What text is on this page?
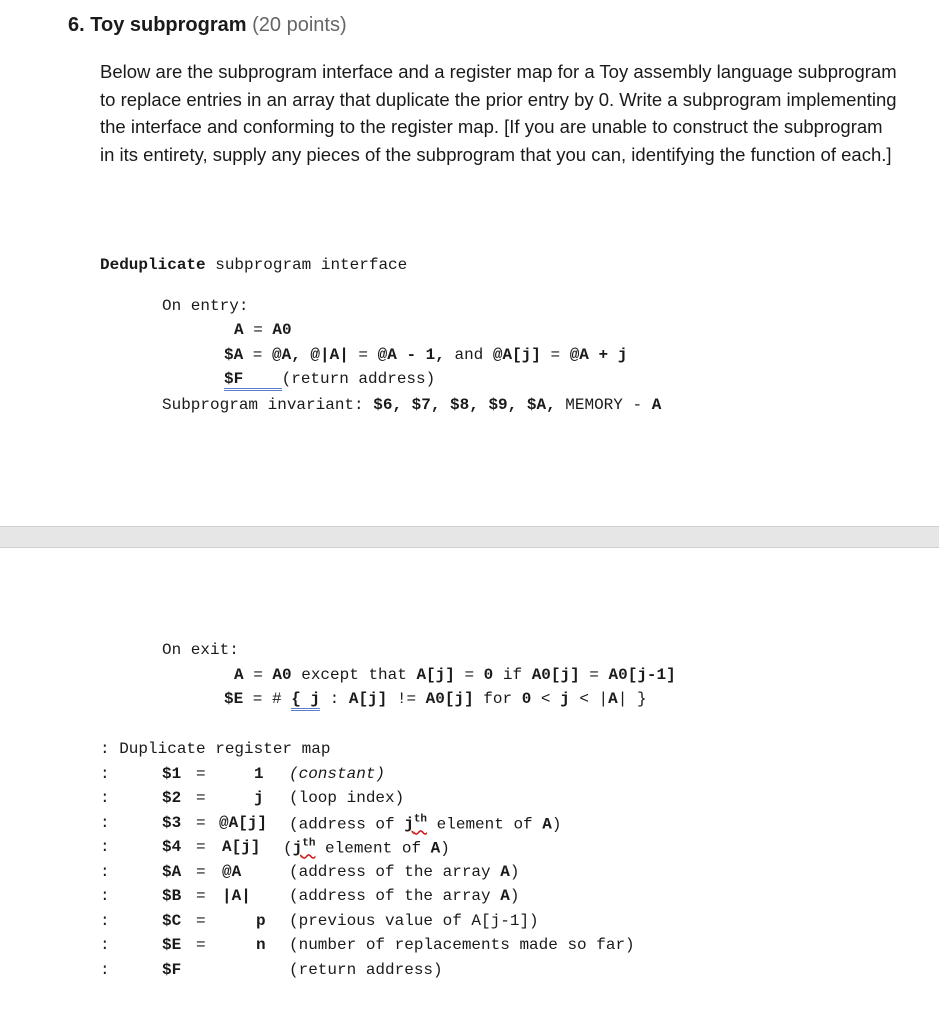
6. Toy subprogram (20 points)
Below are the subprogram interface and a register map for a Toy assembly language subprogram to replace entries in an array that duplicate the prior entry by 0. Write a subprogram implementing the interface and conforming to the register map. [If you are unable to construct the subprogram in its entirety, supply any pieces of the subprogram that you can, identifying the function of each.]
Deduplicate subprogram interface
On entry:
A = A0
$A = @A, @|A| = @A - 1, and @A[j] = @A + j
$F (return address)
Subprogram invariant: $6, $7, $8, $9, $A, MEMORY - A
On exit:
A = A0 except that A[j] = 0 if A0[j] = A0[j-1]
$E = # { j : A[j] != A0[j] for 0 < j < |A| }
: Duplicate register map
:	$1 =	1 (constant)
:	$2 =	j (loop index)
:	$3 = @A[j] (address of $j^{th}$ element of A)
:	$4 = A[j] ($j^{th}$ element of A)
:	$A = @A	(address of the array A)
:	$B = |A| (address of the array A)
:	$C =	p (previous value of A[j-1])
:	$E =	n (number of replacements made so far)
:	$F	(return address)
